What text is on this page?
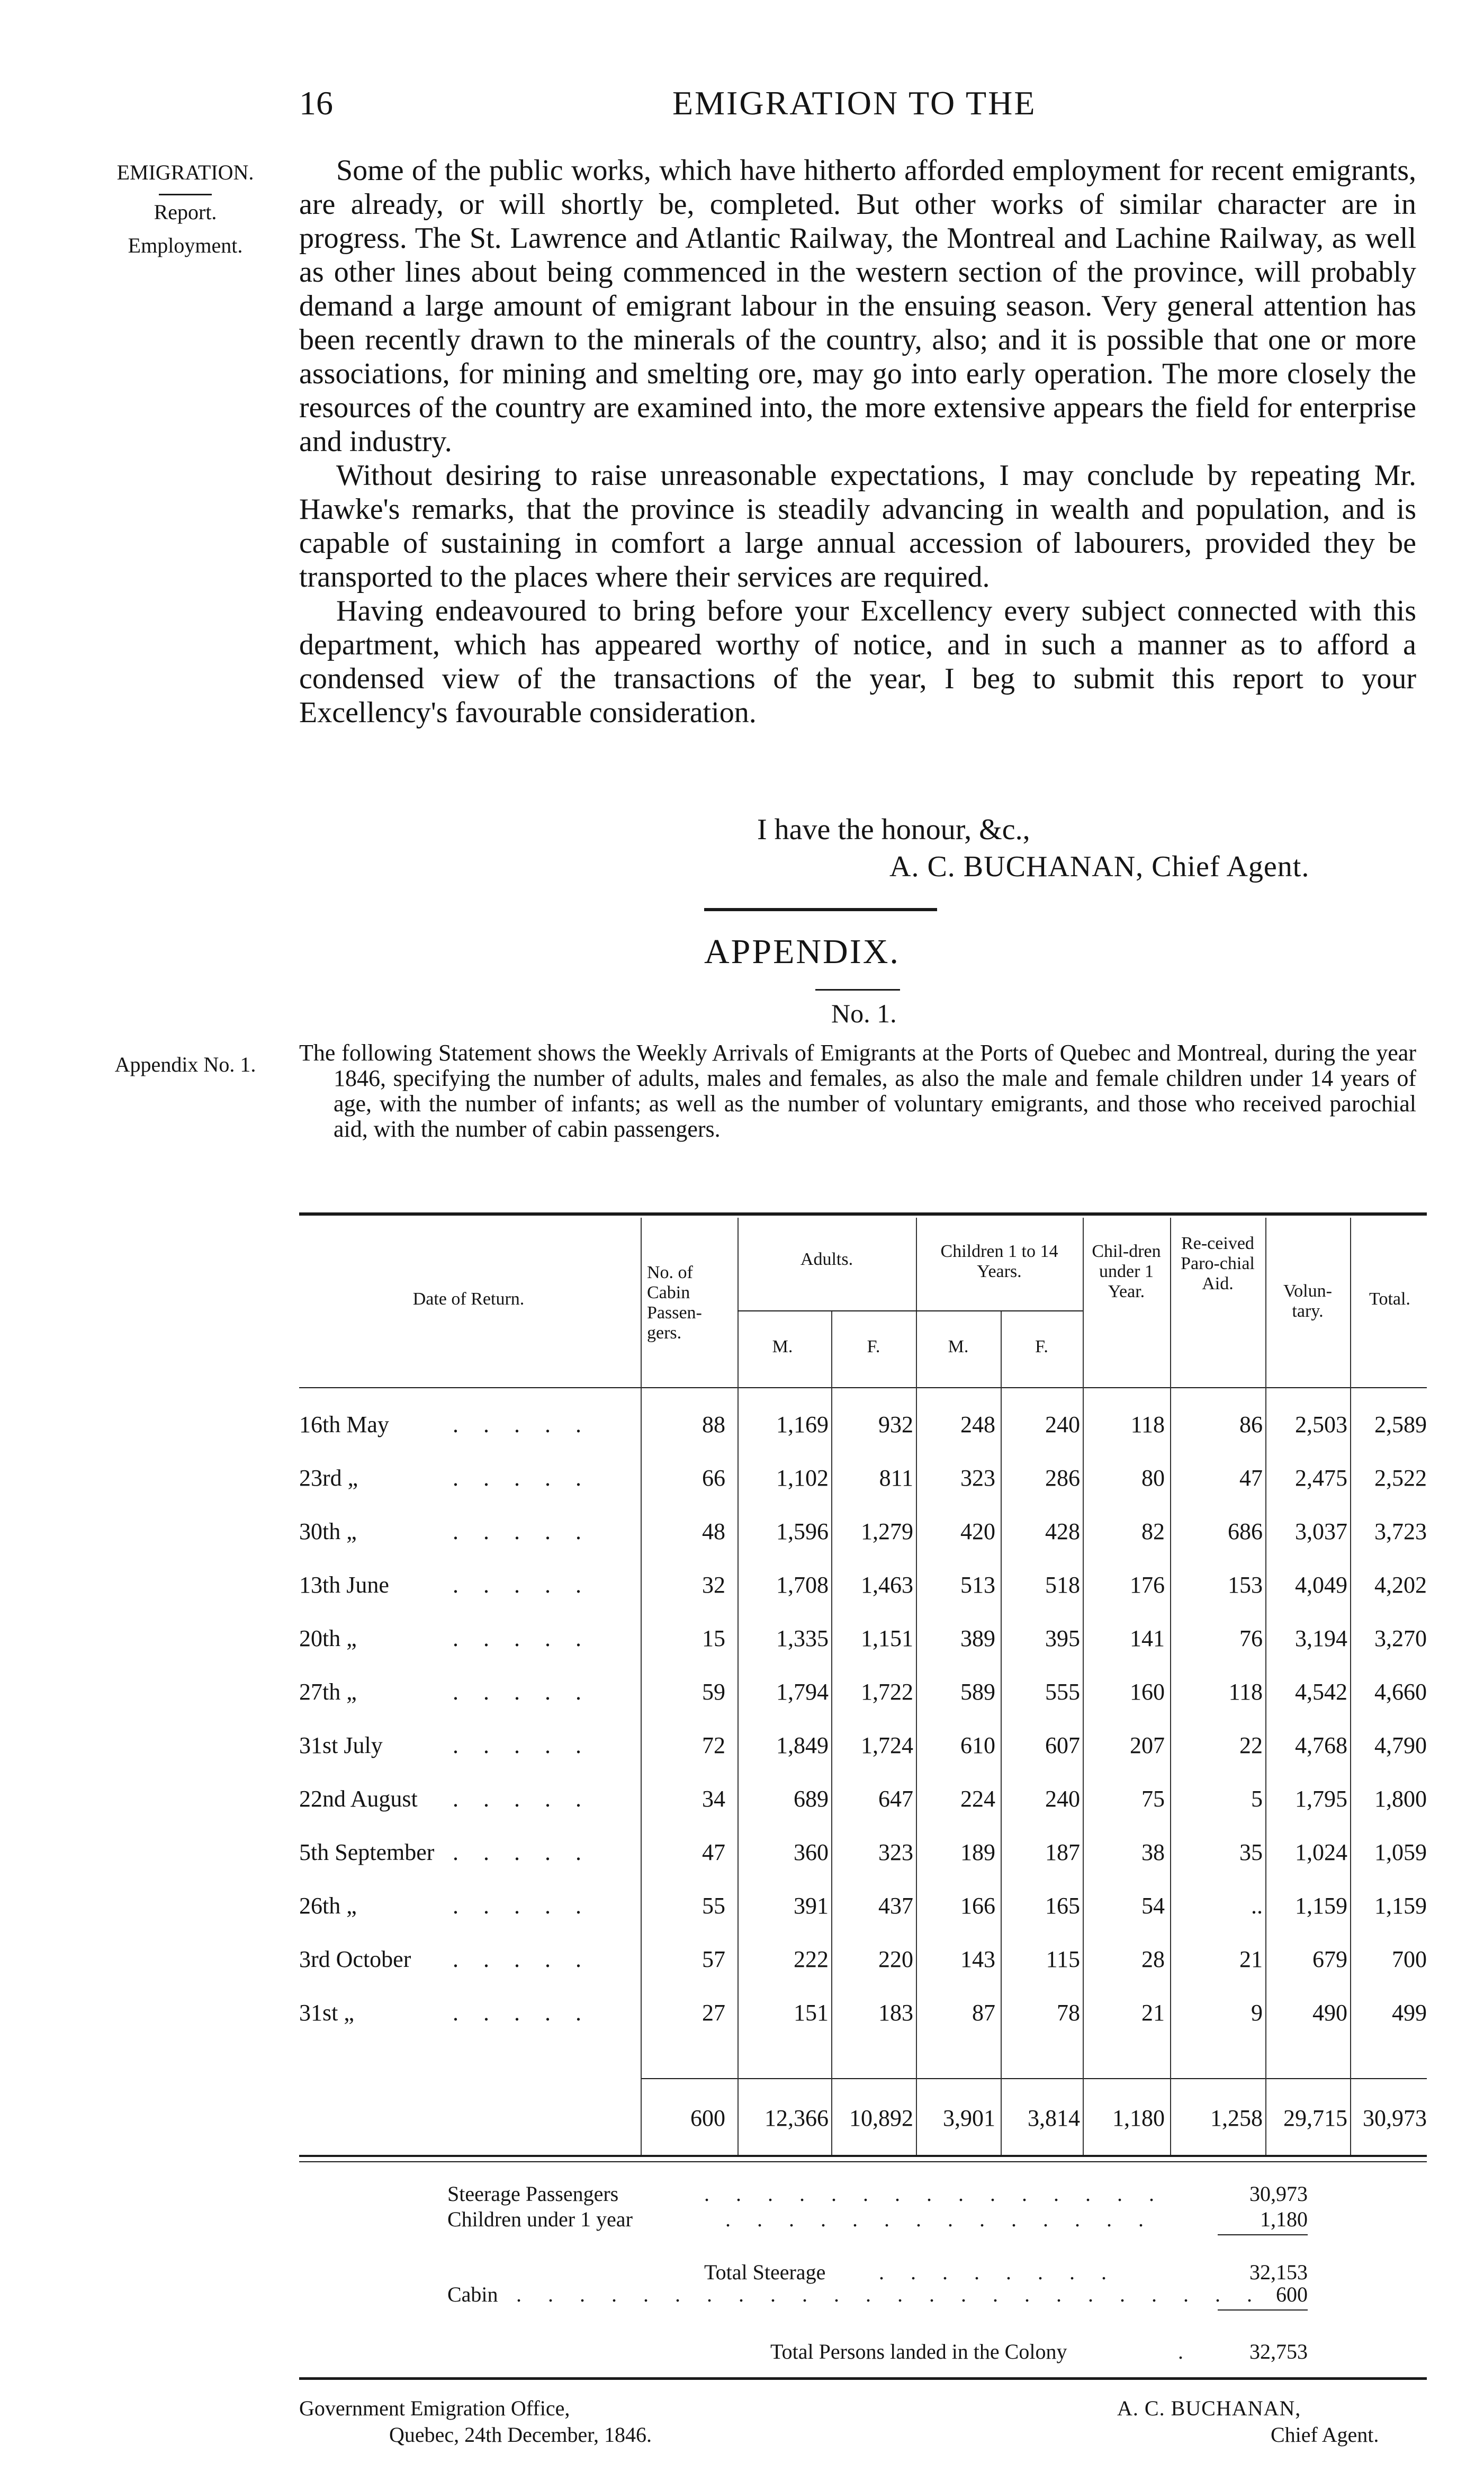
16	EMIGRATION TO THE
EMIGRATION.
Report.
Employment.
Appendix No. 1.

Some of the public works, which have hitherto afforded employment for recent emigrants, are already, or will shortly be, completed. But other works of similar character are in progress. The St. Lawrence and Atlantic Railway, the Montreal and Lachine Railway, as well as other lines about being commenced in the western section of the province, will probably demand a large amount of emigrant labour in the ensuing season. Very general attention has been recently drawn to the minerals of the country, also; and it is possible that one or more associations, for mining and smelting ore, may go into early operation. The more closely the resources of the country are examined into, the more extensive appears the field for enterprise and industry.

Without desiring to raise unreasonable expectations, I may conclude by repeating Mr. Hawke's remarks, that the province is steadily advancing in wealth and population, and is capable of sustaining in comfort a large annual accession of labourers, provided they be transported to the places where their services are required.

Having endeavoured to bring before your Excellency every subject connected with this department, which has appeared worthy of notice, and in such a manner as to afford a condensed view of the transactions of the year, I beg to submit this report to your Excellency's favourable consideration.

I have the honour, &c.,
A. C. BUCHANAN, Chief Agent.
APPENDIX.
No. 1.
The following Statement shows the Weekly Arrivals of Emigrants at the Ports of Quebec and Montreal, during the year 1846, specifying the number of adults, males and females, as also the male and female children under 14 years of age, with the number of infants; as well as the number of voluntary emigrants, and those who received parochial aid, with the number of cabin passengers.
Date of Return.
No. of Cabin Passen-gers.
Adults.	Children 1 to 14 Years.
Chil-dren under 1 Year.
Re-ceived Paro-chial Aid.	Volun-tary.
Total.
M.	F.	M.	F.
16th May	. . . . .	88	1,169	932	248	240	118	86	2,503	2,589
23rd „	. . . . .	66	1,102	811	323	286	80	47	2,475	2,522
30th „	. . . . .	48	1,596	1,279	420	428	82	686	3,037	3,723
13th June	. . . . .	32	1,708	1,463	513	518	176	153	4,049	4,202
20th „	. . . . .	15	1,335	1,151	389	395	141	76	3,194	3,270
27th „	. . . . .	59	1,794	1,722	589	555	160	118	4,542	4,660
31st July	. . . . .	72	1,849	1,724	610	607	207	22	4,768	4,790
22nd August . . . . .	34	689	647	224	240	75	5	1,795	1,800
5th September . . . . .	47	360	323	189	187	38	35	1,024	1,059
26th „	. . . . .	55	391	437	166	165	54	..	1,159	1,159
3rd October . . . . .	57	222	220	143	115	28	21	679	700
31st „	. . . . .	27	151	183	87	78	21	9	490	499
600	12,366 10,892	3,901	3,814	1,180	1,258 29,715 30,973
Steerage Passengers	. . . . . . . . . . . . . . .	30,973
Children under 1 year	. . . . . . . . . . . . . .	1,180
Total Steerage	. . . . . . . .	32,153
Cabin . . . . . . . . . . . . . . . . . . . . . . . . 600
Total Persons landed in the Colony	.	32,753
Government Emigration Office,
Quebec, 24th December, 1846.
A. C. BUCHANAN,
Chief Agent.
